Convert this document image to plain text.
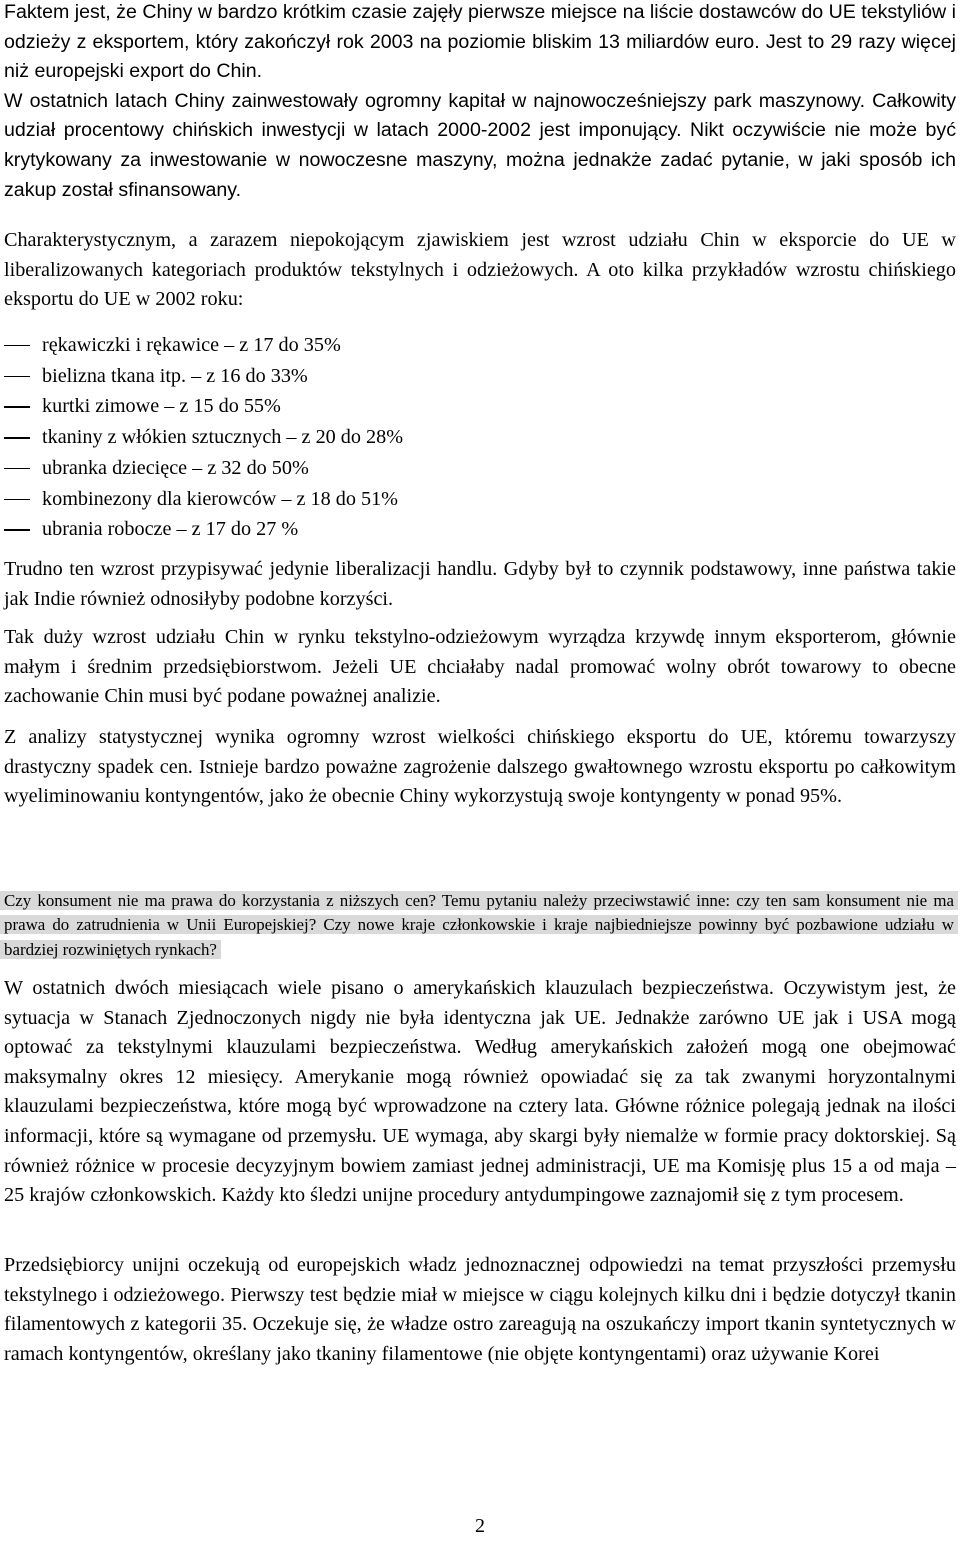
Faktem jest, że Chiny w bardzo krótkim czasie zajęły pierwsze miejsce na liście dostawców do UE tekstyliów i odzieży z eksportem, który zakończył rok 2003 na poziomie bliskim 13 miliardów euro. Jest to 29 razy więcej niż europejski export do Chin.

W ostatnich latach Chiny zainwestowały ogromny kapitał w najnowocześniejszy park maszynowy. Całkowity udział procentowy chińskich inwestycji w latach 2000-2002 jest imponujący. Nikt oczywiście nie może być krytykowany za inwestowanie w nowoczesne maszyny, można jednakże zadać pytanie, w jaki sposób ich zakup został sfinansowany.

Charakterystycznym, a zarazem niepokojącym zjawiskiem jest wzrost udziału Chin w eksporcie do UE w liberalizowanych kategoriach produktów tekstylnych i odzieżowych. A oto kilka przykładów wzrostu chińskiego eksportu do UE w 2002 roku:

rękawiczki i rękawice – z 17 do 35%
bielizna tkana itp. – z 16 do 33%
kurtki zimowe – z 15 do 55%
tkaniny z włókien sztucznych – z 20 do 28%
ubranka dziecięce – z 32 do 50%
kombinezony dla kierowców – z 18 do 51%
ubrania robocze – z 17 do 27 %

Trudno ten wzrost przypisywać jedynie liberalizacji handlu. Gdyby był to czynnik podstawowy, inne państwa takie jak Indie również odnosiłyby podobne korzyści.

Tak duży wzrost udziału Chin w rynku tekstylno-odzieżowym wyrządza krzywdę innym eksporterom, głównie małym i średnim przedsiębiorstwom. Jeżeli UE chciałaby nadal promować wolny obrót towarowy to obecne zachowanie Chin musi być podane poważnej analizie.

Z analizy statystycznej wynika ogromny wzrost wielkości chińskiego eksportu do UE, któremu towarzyszy drastyczny spadek cen. Istnieje bardzo poważne zagrożenie dalszego gwałtownego wzrostu eksportu po całkowitym wyeliminowaniu kontyngentów, jako że obecnie Chiny wykorzystują swoje kontyngenty w ponad 95%.

Czy konsument nie ma prawa do korzystania z niższych cen? Temu pytaniu należy przeciwstawić inne: czy ten sam konsument nie ma prawa do zatrudnienia w Unii Europejskiej? Czy nowe kraje członkowskie i kraje najbiedniejsze powinny być pozbawione udziału w bardziej rozwiniętych rynkach?

W ostatnich dwóch miesiącach wiele pisano o amerykańskich klauzulach bezpieczeństwa. Oczywistym jest, że sytuacja w Stanach Zjednoczonych nigdy nie była identyczna jak UE. Jednakże zarówno UE jak i USA mogą optować za tekstylnymi klauzulami bezpieczeństwa. Według amerykańskich założeń mogą one obejmować maksymalny okres 12 miesięcy. Amerykanie mogą również opowiadać się za tak zwanymi horyzontalnymi klauzulami bezpieczeństwa, które mogą być wprowadzone na cztery lata. Główne różnice polegają jednak na ilości informacji, które są wymagane od przemysłu. UE wymaga, aby skargi były niemalże w formie pracy doktorskiej. Są również różnice w procesie decyzyjnym bowiem zamiast jednej administracji, UE ma Komisję plus 15 a od maja – 25 krajów członkowskich. Każdy kto śledzi unijne procedury antydumpingowe zaznajomił się z tym procesem.

Przedsiębiorcy unijni oczekują od europejskich władz jednoznacznej odpowiedzi na temat przyszłości przemysłu tekstylnego i odzieżowego. Pierwszy test będzie miał w miejsce w ciągu kolejnych kilku dni i będzie dotyczył tkanin filamentowych z kategorii 35. Oczekuje się, że władze ostro zareagują na oszukańczy import tkanin syntetycznych w ramach kontyngentów, określany jako tkaniny filamentowe (nie objęte kontyngentami) oraz używanie Korei

2
